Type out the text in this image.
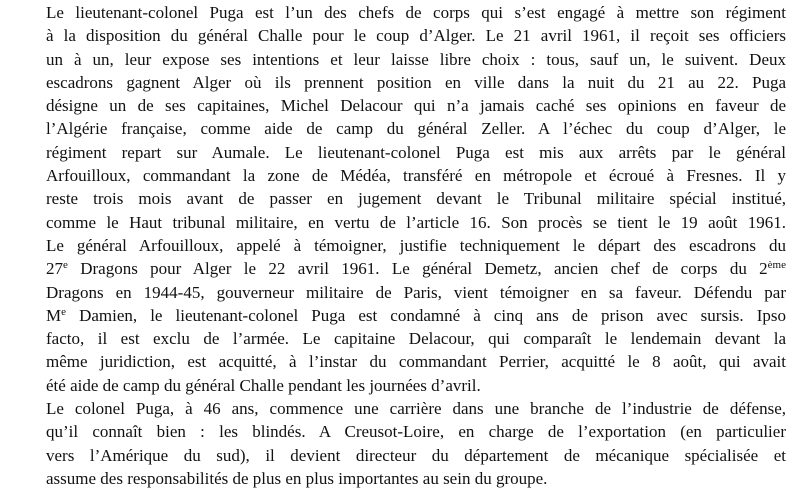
Le lieutenant-colonel Puga est l’un des chefs de corps qui s’est engagé à mettre son régiment
à la disposition du général Challe pour le coup d’Alger. Le 21 avril 1961, il reçoit ses officiers
un à un, leur expose ses intentions et leur laisse libre choix : tous, sauf un, le suivent. Deux
escadrons gagnent Alger où ils prennent position en ville dans la nuit du 21 au 22. Puga
désigne un de ses capitaines, Michel Delacour qui n’a jamais caché ses opinions en faveur de
l’Algérie française, comme aide de camp du général Zeller. A l’échec du coup d’Alger, le
régiment repart sur Aumale. Le lieutenant-colonel Puga est mis aux arrêts par le général
Arfouilloux, commandant la zone de Médéa, transféré en métropole et écroué à Fresnes. Il y
reste trois mois avant de passer en jugement devant le Tribunal militaire spécial institué,
comme le Haut tribunal militaire, en vertu de l’article 16. Son procès se tient le 19 août 1961.
Le général Arfouilloux, appelé à témoigner, justifie techniquement le départ des escadrons du
27e Dragons pour Alger le 22 avril 1961. Le général Demetz, ancien chef de corps du 2ème
Dragons en 1944-45, gouverneur militaire de Paris, vient témoigner en sa faveur. Défendu par
Me Damien, le lieutenant-colonel Puga est condamné à cinq ans de prison avec sursis. Ipso
facto, il est exclu de l’armée. Le capitaine Delacour, qui comparaît le lendemain devant la
même juridiction, est acquitté, à l’instar du commandant Perrier, acquitté le 8 août, qui avait
été aide de camp du général Challe pendant les journées d’avril.
Le colonel Puga, à 46 ans, commence une carrière dans une branche de l’industrie de défense,
qu’il connaît bien : les blindés. A Creusot-Loire, en charge de l’exportation (en particulier
vers l’Amérique du sud), il devient directeur du département de mécanique spécialisée et
assume des responsabilités de plus en plus importantes au sein du groupe.
